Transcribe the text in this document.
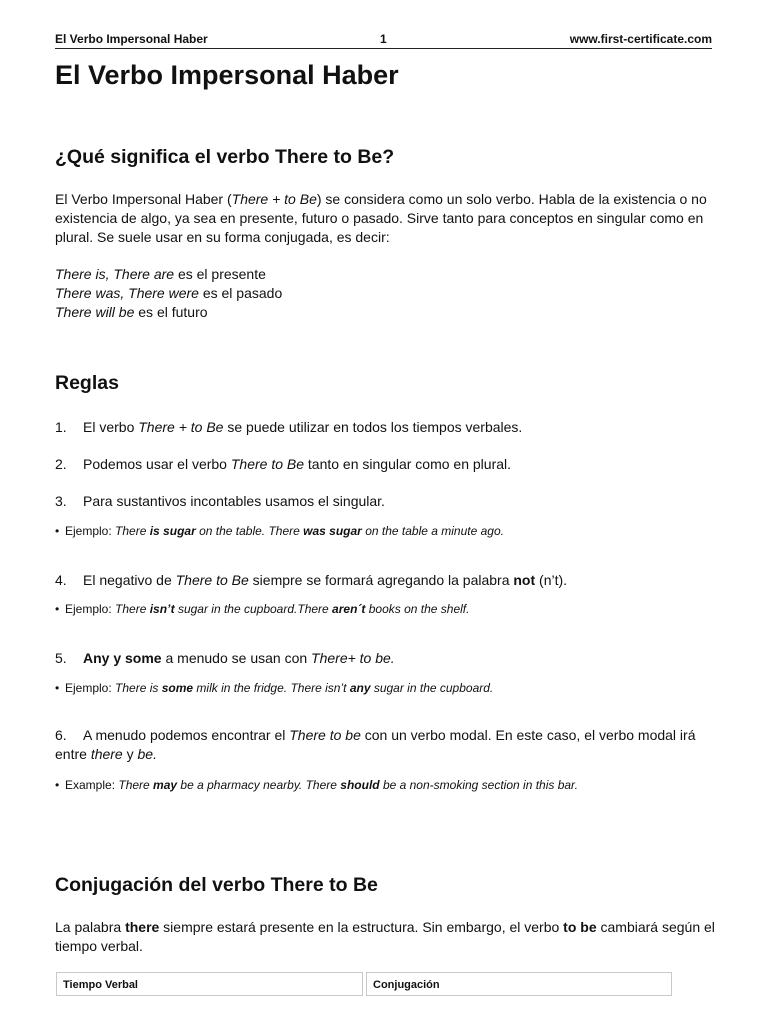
El Verbo Impersonal Haber	1	www.first-certificate.com
El Verbo Impersonal Haber
¿Qué significa el verbo There to Be?

El Verbo Impersonal Haber (There + to Be) se considera como un solo verbo. Habla de la existencia o no existencia de algo, ya sea en presente, futuro o pasado. Sirve tanto para conceptos en singular como en plural. Se suele usar en su forma conjugada, es decir:

There is, There are es el presente
There was, There were es el pasado
There will be es el futuro
Reglas
1. El verbo There + to Be se puede utilizar en todos los tiempos verbales.
2. Podemos usar el verbo There to Be tanto en singular como en plural.
3. Para sustantivos incontables usamos el singular.
• Ejemplo: There is sugar on the table. There was sugar on the table a minute ago.
4. El negativo de There to Be siempre se formará agregando la palabra not (n’t).
• Ejemplo: There isn’t sugar in the cupboard.There aren´t books on the shelf.
5. Any y some a menudo se usan con There+ to be.
• Ejemplo: There is some milk in the fridge. There isn’t any sugar in the cupboard.
6. A menudo podemos encontrar el There to be con un verbo modal. En este caso, el verbo modal irá
entre there y be.
• Example: There may be a pharmacy nearby. There should be a non-smoking section in this bar.
Conjugación del verbo There to Be

La palabra there siempre estará presente en la estructura. Sin embargo, el verbo to be cambiará según el tiempo verbal.

Tiempo Verbal	Conjugación
